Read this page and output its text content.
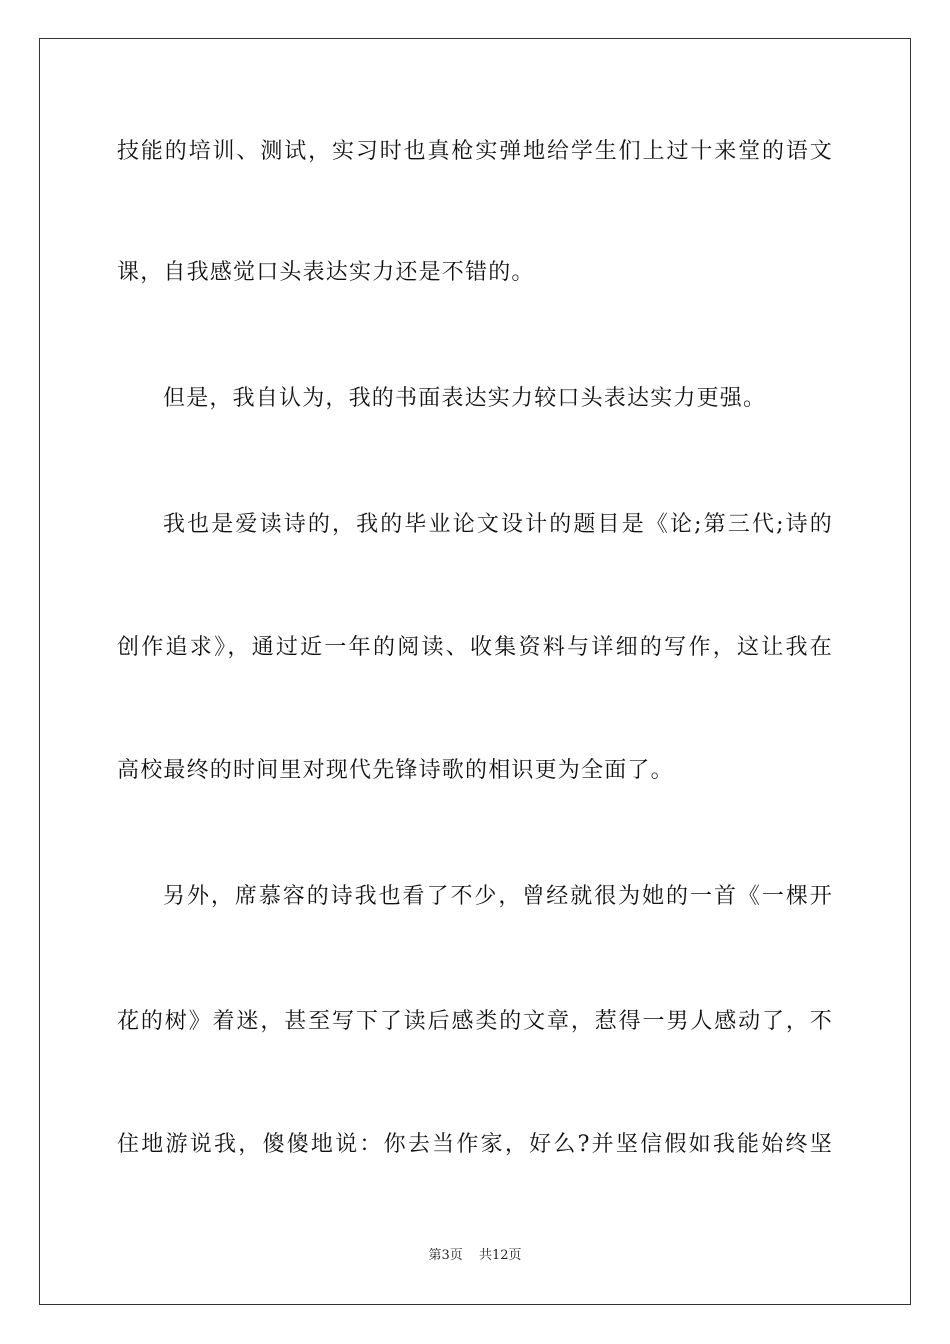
技能的培训、测试，实习时也真枪实弹地给学生们上过十来堂的语文
课，自我感觉口头表达实力还是不错的。
但是，我自认为，我的书面表达实力较口头表达实力更强。
我也是爱读诗的，我的毕业论文设计的题目是《论;第三代;诗的
创作追求》，通过近一年的阅读、收集资料与详细的写作，这让我在
高校最终的时间里对现代先锋诗歌的相识更为全面了。
另外，席慕容的诗我也看了不少，曾经就很为她的一首《一棵开
花的树》着迷，甚至写下了读后感类的文章，惹得一男人感动了，不
住地游说我，傻傻地说：你去当作家，好么?并坚信假如我能始终坚
第3页 共12页
